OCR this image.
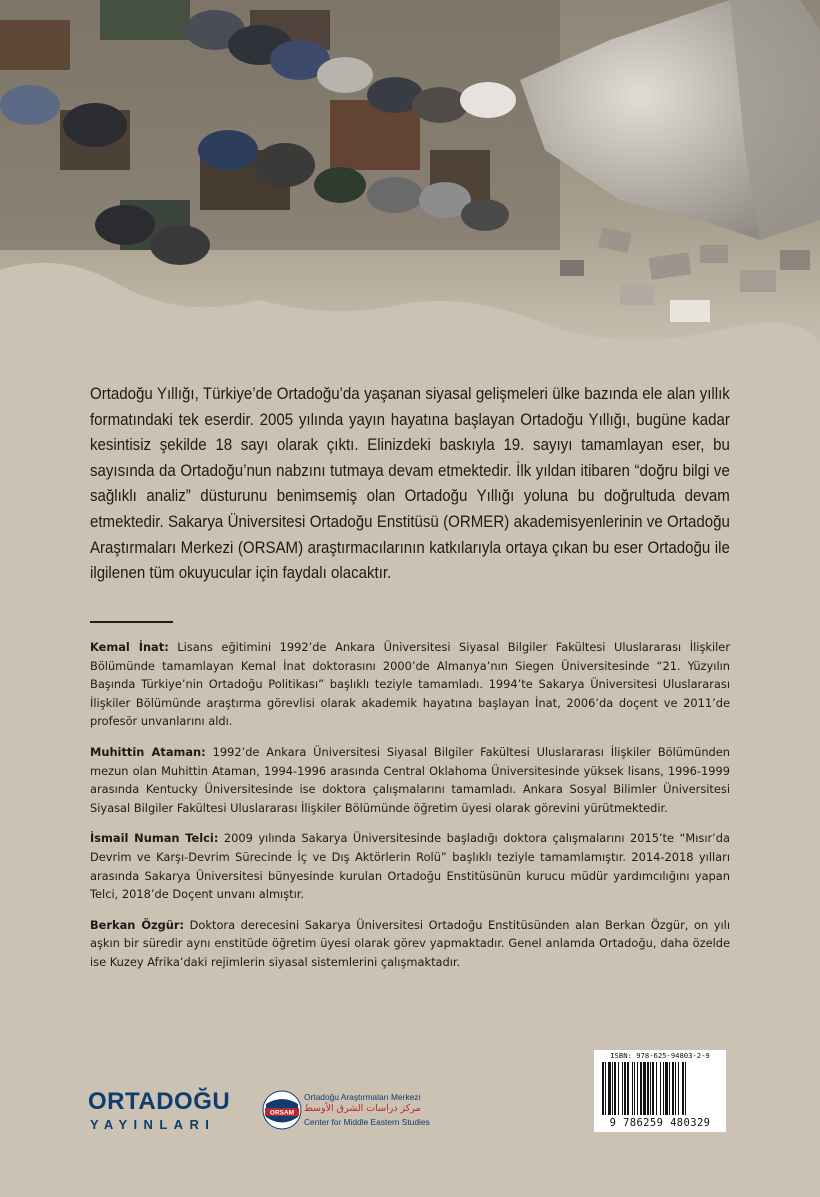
Ortadoğu Yıllığı, Türkiye’de Ortadoğu’da yaşanan siyasal gelişmeleri ülke bazında ele alan yıllık formatındaki tek eserdir. 2005 yılında yayın hayatına başlayan Ortadoğu Yıllığı, bugüne kadar kesintisiz şekilde 18 sayı olarak çıktı. Elinizdeki baskıyla 19. sayıyı tamamlayan eser, bu sayısında da Ortadoğu’nun nabzını tutmaya devam etmektedir. İlk yıldan itibaren “doğru bilgi ve sağlıklı analiz” düsturunu benimsemiş olan Ortadoğu Yıllığı yoluna bu doğrultuda devam etmektedir. Sakarya Üniversitesi Ortadoğu Enstitüsü (ORMER) akademisyenlerinin ve Ortadoğu Araştırmaları Merkezi (ORSAM) araştırmacılarının katkılarıyla ortaya çıkan bu eser Ortadoğu ile ilgilenen tüm okuyucular için faydalı olacaktır.

Kemal İnat: Lisans eğitimini 1992’de Ankara Üniversitesi Siyasal Bilgiler Fakültesi Uluslararası İlişkiler Bölümünde tamamlayan Kemal İnat doktorasını 2000’de Almanya’nın Siegen Üniversitesinde “21. Yüzyılın Başında Türkiye’nin Ortadoğu Politikası” başlıklı teziyle tamamladı. 1994’te Sakarya Üniversitesi Uluslararası İlişkiler Bölümünde araştırma görevlisi olarak akademik hayatına başlayan İnat, 2006’da doçent ve 2011’de profesör unvanlarını aldı.

Muhittin Ataman: 1992’de Ankara Üniversitesi Siyasal Bilgiler Fakültesi Uluslararası İlişkiler Bölümünden mezun olan Muhittin Ataman, 1994-1996 arasında Central Oklahoma Üniversitesinde yüksek lisans, 1996-1999 arasında Kentucky Üniversitesinde ise doktora çalışmalarını tamamladı. Ankara Sosyal Bilimler Üniversitesi Siyasal Bilgiler Fakültesi Uluslararası İlişkiler Bölümünde öğretim üyesi olarak görevini yürütmektedir.

İsmail Numan Telci: 2009 yılında Sakarya Üniversitesinde başladığı doktora çalışmalarını 2015’te “Mısır’da Devrim ve Karşı-Devrim Sürecinde İç ve Dış Aktörlerin Rolü” başlıklı teziyle tamamlamıştır. 2014-2018 yılları arasında Sakarya Üniversitesi bünyesinde kurulan Ortadoğu Enstitüsünün kurucu müdür yardımcılığını yapan Telci, 2018’de Doçent unvanı almıştır.

Berkan Özgür: Doktora derecesini Sakarya Üniversitesi Ortadoğu Enstitüsünden alan Berkan Özgür, on yılı aşkın bir süredir aynı enstitüde öğretim üyesi olarak görev yapmaktadır. Genel anlamda Ortadoğu, daha özelde ise Kuzey Afrika’daki rejimlerin siyasal sistemlerini çalışmaktadır.

ORTADOĞU
YAYINLARI
ORSAM
Ortadoğu Araştırmaları Merkezi
مركز دراسات الشرق الأوسط
Center for Middle Eastern Studies
ISBN: 978-625-94803-2-9
9 786259 480329
